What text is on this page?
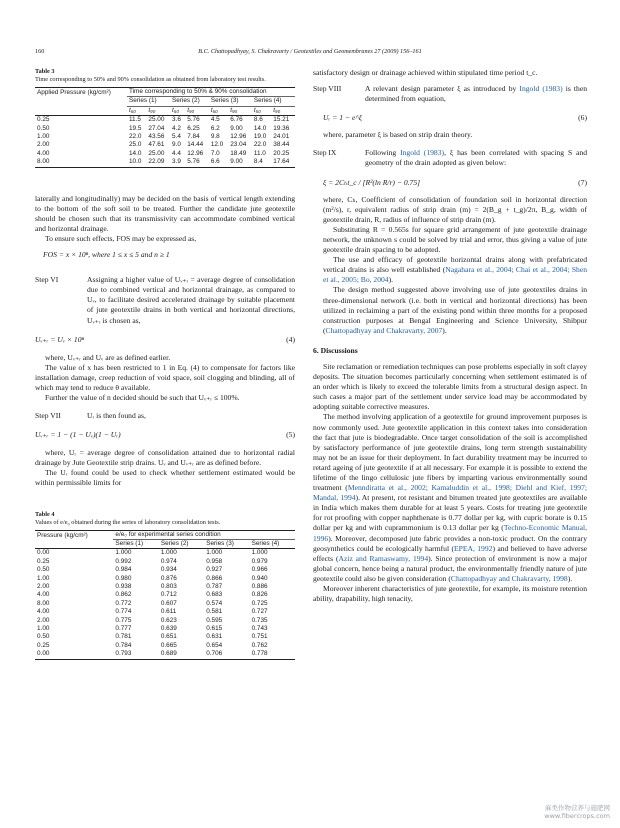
160	B.C. Chattopadhyay, S. Chakravarty / Geotextiles and Geomembranes 27 (2009) 156–161
Table 3
Time corresponding to 50% and 90% consolidation as obtained from laboratory test results.
Applied Pressure (kg/cm²)	Time corresponding to 50% & 90% consolidation							
	Series (1)		Series (2)		Series (3)		Series (4)	
	t₅₀	t₉₀	t₅₀	t₉₀	t₅₀	t₉₀	t₅₀	t₉₀
0.25	11.5	25.00	3.6	5.76	4.5	6.76	8.6	15.21
0.50	19.5	27.04	4.2	6.25	6.2	9.00	14.0	19.36
1.00	22.0	43.56	5.4	7.84	9.8	12.96	19.0	24.01
2.00	25.0	47.61	9.0	14.44	12.0	23.04	22.0	38.44
4.00	14.0	25.00	4.4	12.96	7.0	18.49	11.0	20.25
8.00	10.0	22.09	3.9	5.76	6.6	9.00	8.4	17.64

laterally and longitudinally) may be decided on the basis of vertical length extending to the bottom of the soft soil to be treated. Further the candidate jute geotextile should be chosen such that its transmissivity can accommodate combined vertical and horizontal drainage.

To ensure such effects, FOS may be expressed as,

FOS = x × 10ⁿ, where 1 ≤ x ≤ 5 and n ≥ 1
Step VI	Assigning a higher value of Uᵥ₊ᵣ = average degree of consolidation due to combined vertical and horizontal drainage, as compared to Uᵥ, to facilitate desired accelerated drainage by suitable placement of jute geotextile drains in both vertical and horizontal directions, Uᵥ₊ᵣ is chosen as,

Uᵥ₊ᵣ = Uᵥ × 10ⁿ	(4)

where, Uᵥ₊ᵣ and Uᵥ are as defined earlier.

The value of x has been restricted to 1 in Eq. (4) to compensate for factors like installation damage, creep reduction of void space, soil clogging and blinding, all of which may tend to reduce θ available.

Further the value of n decided should be such that Uᵥ₊ᵣ ≤ 100%.

Step VII	Uᵣ is then found as,

Uᵥ₊ᵣ = 1 − (1 − Uᵥ)(1 − Uᵣ)	(5)

where, Uᵣ = average degree of consolidation attained due to horizontal radial drainage by Jute Geotextile strip drains. Uᵥ and Uᵥ₊ᵣ are as defined before.

The Uᵣ found could be used to check whether settlement estimated would be within permissible limits for

Table 4
Values of e/e₀ obtained during the series of laboratory consolidation tests.
Pressure (kg/cm²)	e/e₀ for experimental series condition			
	Series (1)	Series (2)	Series (3)	Series (4)
0.00	1.000	1.000	1.000	1.000
0.25	0.992	0.974	0.958	0.979
0.50	0.984	0.934	0.927	0.966
1.00	0.980	0.876	0.866	0.940
2.00	0.938	0.803	0.787	0.886
4.00	0.862	0.712	0.683	0.826
8.00	0.772	0.607	0.574	0.725
4.00	0.774	0.611	0.581	0.727
2.00	0.775	0.623	0.595	0.735
1.00	0.777	0.639	0.615	0.743
0.50	0.781	0.651	0.631	0.751
0.25	0.784	0.665	0.654	0.762
0.00	0.793	0.689	0.706	0.778

satisfactory design or drainage achieved within stipulated time period t_c.

Step VIII	A relevant design parameter ξ as introduced by Ingold (1983) is then determined from equation,

Uᵣ = 1 − e^ξ	(6)

where, parameter ξ is based on strip drain theory.

Step IX	Following Ingold (1983), ξ has been correlated with spacing S and geometry of the drain adopted as given below:

ξ = 2Cₕt_c / [R²(ln R/r) − 0.75]	(7)

where, Cₕ, Coefficient of consolidation of foundation soil in horizontal direction (m²/s), r, equivalent radius of strip drain (m) = 2(B_g + t_g)/2π, B_g, width of geotextile drain, R, radius of influence of strip drain (m).

Substituting R = 0.565s for square grid arrangement of jute geotextile drainage network, the unknown s could be solved by trial and error, thus giving a value of jute geotextile drain spacing to be adopted.

The use and efficacy of geotextile horizontal drains along with prefabricated vertical drains is also well established (Nagahara et al., 2004; Chai et al., 2004; Shen et al., 2005; Bo, 2004).

The design method suggested above involving use of jute geotextiles drains in three-dimensional network (i.e. both in vertical and horizontal directions) has been utilized in reclaiming a part of the existing pond within three months for a proposed construction purposes at Bengal Engineering and Science University, Shibpur (Chattopadhyay and Chakravarty, 2007).

6. Discussions

Site reclamation or remediation techniques can pose problems especially in soft clayey deposits. The situation becomes particularly concerning when settlement estimated is of an order which is likely to exceed the tolerable limits from a structural design aspect. In such cases a major part of the settlement under service load may be accommodated by adopting suitable corrective measures.

The method involving application of a geotextile for ground improvement purposes is now commonly used. Jute geotextile application in this context takes into consideration the fact that jute is biodegradable. Once target consolidation of the soil is accomplished by satisfactory performance of jute geotextile drains, long term strength sustainability may not be an issue for their deployment. In fact durability treatment may be incurred to retard ageing of jute geotextile if at all necessary. For example it is possible to extend the lifetime of the lingo cellulosic jute fibers by imparting various environmentally sound treatment (Menndiratta et al., 2002; Kamaluddin et al., 1998; Diehl and Kief, 1997; Mandal, 1994). At present, rot resistant and bitumen treated jute geotextiles are available in India which makes them durable for at least 5 years. Costs for treating jute geotextile for rot proofing with copper naphthenate is 0.77 dollar per kg, with cupric borate is 0.15 dollar per kg and with cuprammonium is 0.13 dollar per kg (Techno-Economic Manual, 1996). Moreover, decomposed jute fabric provides a non-toxic product. On the contrary geosynthetics could be ecologically harmful (EPEA, 1992) and believed to have adverse effects (Aziz and Ramaswamy, 1994). Since protection of environment is now a major global concern, hence being a natural product, the environmentally friendly nature of jute geotextile could also be given consideration (Chattopadhyay and Chakravarty, 1998).

Moreover inherent characteristics of jute geotextile, for example, its moisture retention ability, drapability, high tenacity,

麻类作物营养与施肥网
www.fibercrops.com
